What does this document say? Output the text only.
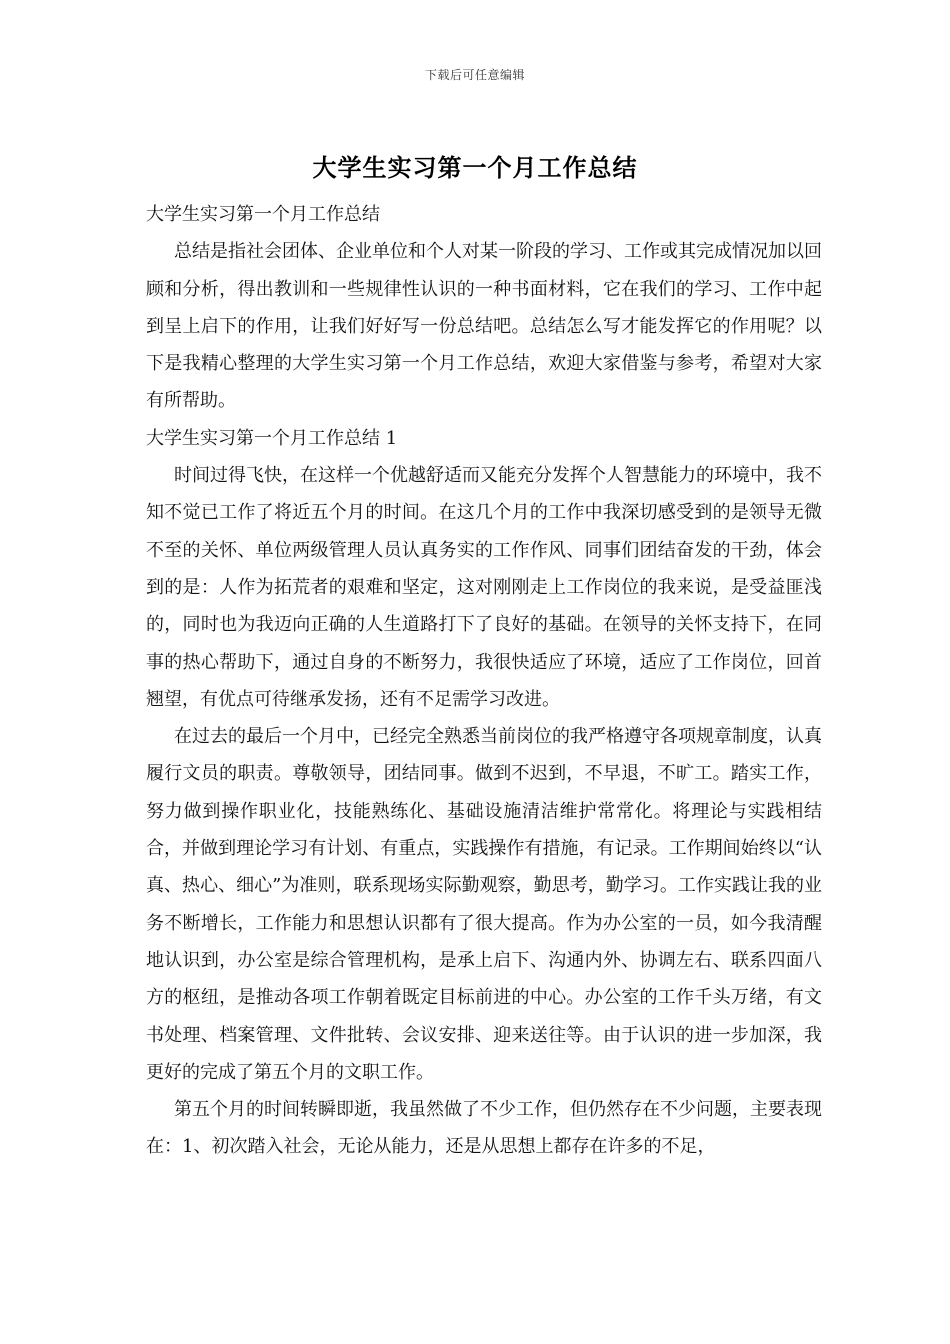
下载后可任意编辑
大学生实习第一个月工作总结

大学生实习第一个月工作总结

总结是指社会团体、企业单位和个人对某一阶段的学习、工作或其完成情况加以回顾和分析，得出教训和一些规律性认识的一种书面材料，它在我们的学习、工作中起到呈上启下的作用，让我们好好写一份总结吧。总结怎么写才能发挥它的作用呢？以下是我精心整理的大学生实习第一个月工作总结，欢迎大家借鉴与参考，希望对大家有所帮助。

大学生实习第一个月工作总结 1

时间过得飞快，在这样一个优越舒适而又能充分发挥个人智慧能力的环境中，我不知不觉已工作了将近五个月的时间。在这几个月的工作中我深切感受到的是领导无微不至的关怀、单位两级管理人员认真务实的工作作风、同事们团结奋发的干劲，体会到的是：人作为拓荒者的艰难和坚定，这对刚刚走上工作岗位的我来说，是受益匪浅的，同时也为我迈向正确的人生道路打下了良好的基础。在领导的关怀支持下，在同事的热心帮助下，通过自身的不断努力，我很快适应了环境，适应了工作岗位，回首翘望，有优点可待继承发扬，还有不足需学习改进。

在过去的最后一个月中，已经完全熟悉当前岗位的我严格遵守各项规章制度，认真履行文员的职责。尊敬领导，团结同事。做到不迟到，不早退，不旷工。踏实工作，努力做到操作职业化，技能熟练化、基础设施清洁维护常常化。将理论与实践相结合，并做到理论学习有计划、有重点，实践操作有措施，有记录。工作期间始终以“认真、热心、细心”为准则，联系现场实际勤观察，勤思考，勤学习。工作实践让我的业务不断增长，工作能力和思想认识都有了很大提高。作为办公室的一员，如今我清醒地认识到，办公室是综合管理机构，是承上启下、沟通内外、协调左右、联系四面八方的枢纽，是推动各项工作朝着既定目标前进的中心。办公室的工作千头万绪，有文书处理、档案管理、文件批转、会议安排、迎来送往等。由于认识的进一步加深，我更好的完成了第五个月的文职工作。

第五个月的时间转瞬即逝，我虽然做了不少工作，但仍然存在不少问题，主要表现在：1、初次踏入社会，无论从能力，还是从思想上都存在许多的不足，
